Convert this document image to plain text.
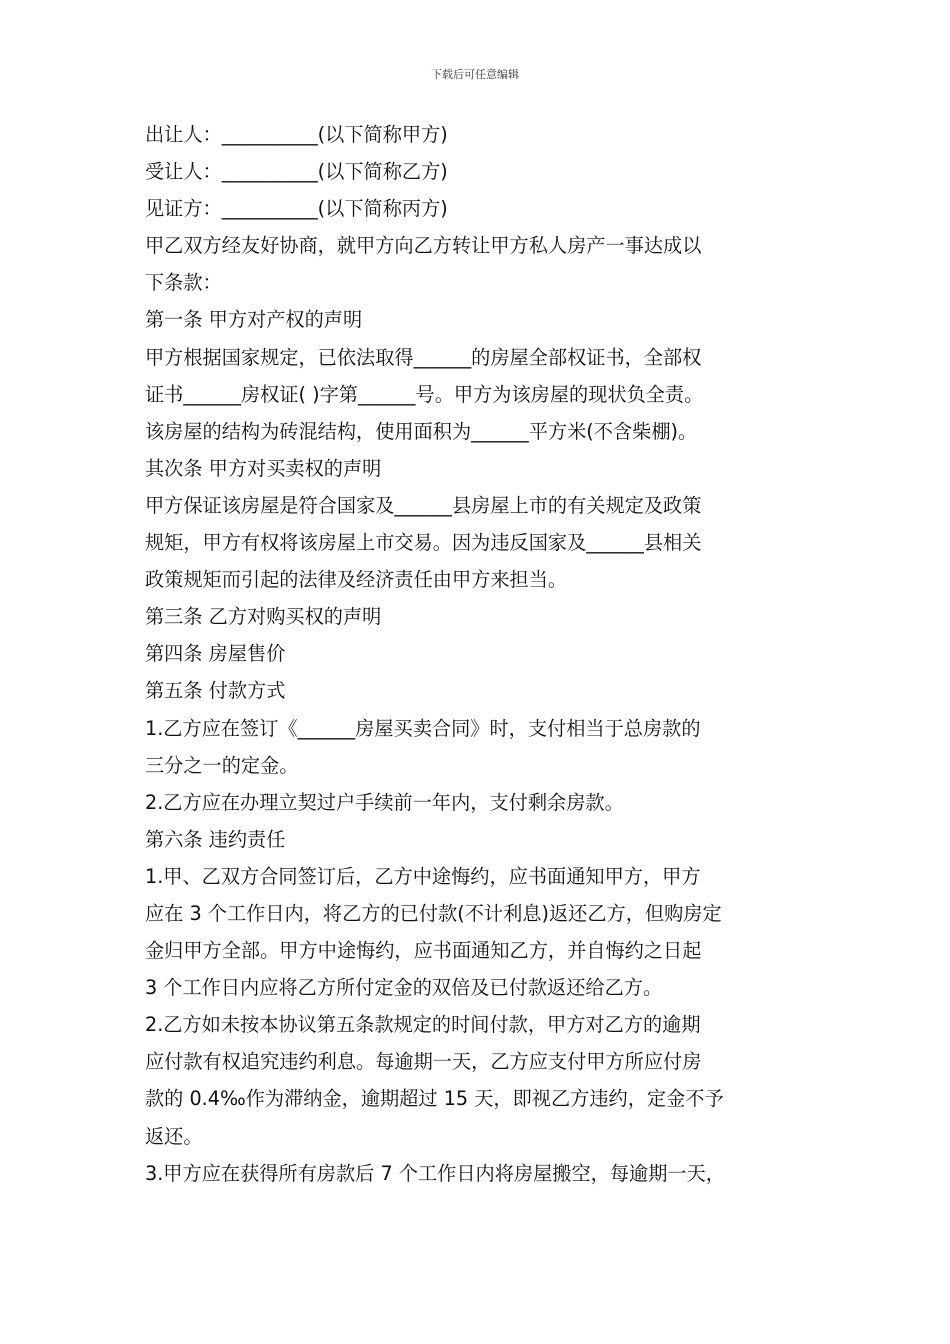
下载后可任意编辑
出让人：__________(以下简称甲方)
受让人：__________(以下简称乙方)
见证方：__________(以下简称丙方)
甲乙双方经友好协商，就甲方向乙方转让甲方私人房产一事达成以
下条款：
第一条 甲方对产权的声明
甲方根据国家规定，已依法取得______的房屋全部权证书，全部权
证书______房权证( )字第______号。甲方为该房屋的现状负全责。
该房屋的结构为砖混结构，使用面积为______平方米(不含柴棚)。
其次条 甲方对买卖权的声明
甲方保证该房屋是符合国家及______县房屋上市的有关规定及政策
规矩，甲方有权将该房屋上市交易。因为违反国家及______县相关
政策规矩而引起的法律及经济责任由甲方来担当。
第三条 乙方对购买权的声明
第四条 房屋售价
第五条 付款方式
1.乙方应在签订《______房屋买卖合同》时，支付相当于总房款的
三分之一的定金。
2.乙方应在办理立契过户手续前一年内，支付剩余房款。
第六条 违约责任
1.甲、乙双方合同签订后，乙方中途悔约，应书面通知甲方，甲方
应在 3 个工作日内，将乙方的已付款(不计利息)返还乙方，但购房定
金归甲方全部。甲方中途悔约，应书面通知乙方，并自悔约之日起
3 个工作日内应将乙方所付定金的双倍及已付款返还给乙方。
2.乙方如未按本协议第五条款规定的时间付款，甲方对乙方的逾期
应付款有权追究违约利息。每逾期一天，乙方应支付甲方所应付房
款的 0.4‰作为滞纳金，逾期超过 15 天，即视乙方违约，定金不予
返还。
3.甲方应在获得所有房款后 7 个工作日内将房屋搬空，每逾期一天，
